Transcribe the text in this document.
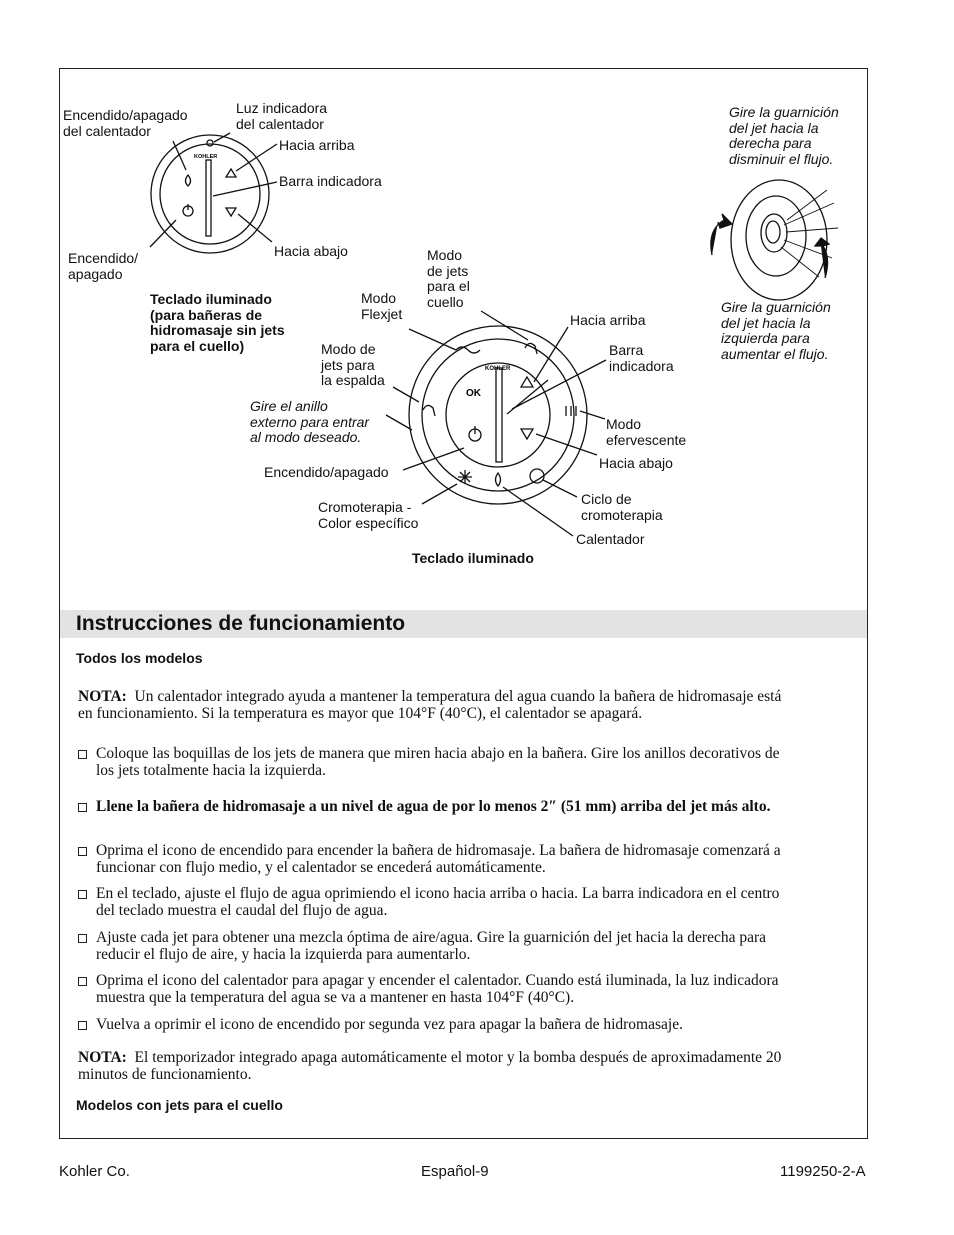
KOHLER
KOHLER
OK
Encendido/apagado
del calentador
Luz indicadora
del calentador
Hacia arriba
Barra indicadora
Hacia abajo
Encendido/
apagado
Teclado iluminado
(para bañeras de
hidromasaje sin jets
para el cuello)
Modo
de jets
para el
cuello
Modo
Flexjet	Hacia arriba
Barra
indicadora
Modo de
jets para
la espalda
Gire el anillo
externo para entrar
al modo deseado.
Modo
efervescente
Hacia abajo
Encendido/apagado
Cromoterapia -
Color específico
Ciclo de
cromoterapia
Calentador
Teclado iluminado
Gire la guarnición
del jet hacia la
derecha para
disminuir el flujo.
Gire la guarnición
del jet hacia la
izquierda para
aumentar el flujo.
Instrucciones de funcionamiento
Todos los modelos
NOTA: Un calentador integrado ayuda a mantener la temperatura del agua cuando la bañera de hidromasaje está en funcionamiento. Si la temperatura es mayor que 104°F (40°C), el calentador se apagará.
Coloque las boquillas de los jets de manera que miren hacia abajo en la bañera. Gire los anillos decorativos de los jets totalmente hacia la izquierda.
Llene la bañera de hidromasaje a un nivel de agua de por lo menos 2″ (51 mm) arriba del jet más alto.
Oprima el icono de encendido para encender la bañera de hidromasaje. La bañera de hidromasaje comenzará a funcionar con flujo medio, y el calentador se encederá automáticamente.
En el teclado, ajuste el flujo de agua oprimiendo el icono hacia arriba o hacia. La barra indicadora en el centro del teclado muestra el caudal del flujo de agua.
Ajuste cada jet para obtener una mezcla óptima de aire/agua. Gire la guarnición del jet hacia la derecha para reducir el flujo de aire, y hacia la izquierda para aumentarlo.
Oprima el icono del calentador para apagar y encender el calentador. Cuando está iluminada, la luz indicadora muestra que la temperatura del agua se va a mantener en hasta 104°F (40°C).
Vuelva a oprimir el icono de encendido por segunda vez para apagar la bañera de hidromasaje.
NOTA: El temporizador integrado apaga automáticamente el motor y la bomba después de aproximadamente 20 minutos de funcionamiento.
Modelos con jets para el cuello
Kohler Co.	Español-9	1199250-2-A
